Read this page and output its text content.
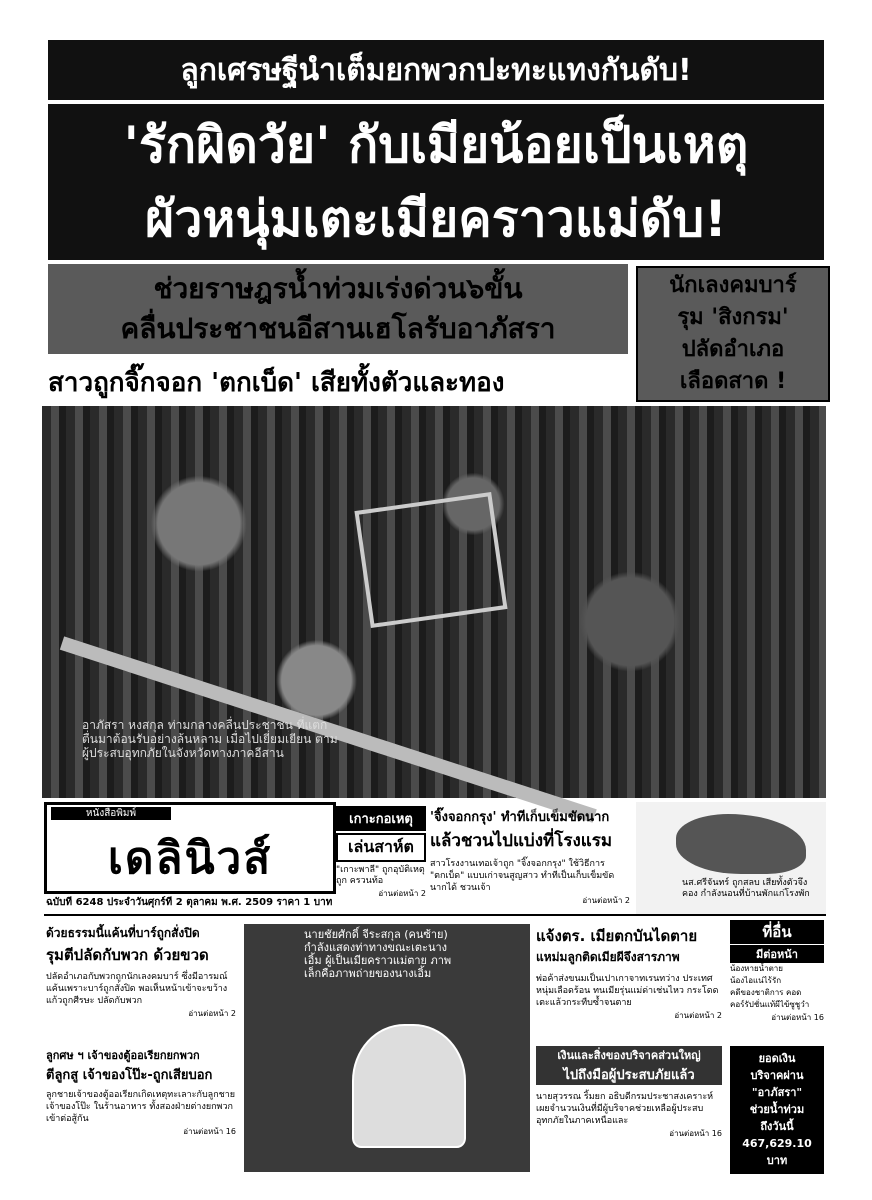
ลูกเศรษฐีนำเต็มยกพวกปะทะแทงกันดับ!
'รักผิดวัย' กับเมียน้อยเป็นเหตุ
ผัวหนุ่มเตะเมียคราวแม่ดับ!
ช่วยราษฎรน้ำท่วมเร่งด่วน๖ขั้น
คลื่นประชาชนอีสานเฮโลรับอาภัสรา
นักเลงคมบาร์
รุม 'สิงกรม'
ปลัดอำเภอ
เลือดสาด !
สาวถูกจิ๊กจอก 'ตกเบ็ด' เสียทั้งตัวและทอง
อาภัสรา หงสกุล ท่ามกลางคลื่นประชาชน ที่แตกตื่นมาต้อนรับอย่างล้นหลาม เมื่อไปเยี่ยมเยียน ตามผู้ประสบอุทกภัยในจังหวัดทางภาคอีสาน
หนังสือพิมพ์
เดลินิวส์
ฉบับที่ 6248 ประจำวันศุกร์ที่ 2 ตุลาคม พ.ศ. 2509 ราคา 1 บาท
เกาะกอเหตุ
เล่นสาห์ต
"เกาะพาลี" ถูกอุบัติเหตุถูก ครวนท้อ
อ่านต่อหน้า 2
'จิ๊งจอกกรุง' ทำทีเก็บเข็มขัดนาก
แล้วชวนไปแบ่งที่โรงแรม
สาวโรงงานเทอเจ้าถูก "จิ๊งจอกกรุง" ใช้วิธีการ "ตกเบ็ด" แบบเก่าจนสูญสาว ทำทีเป็นเก็บเข็มขัดนากได้ ชวนเจ้า
อ่านต่อหน้า 2
นส.ศรีจันทร์ ถูกสลบ เสียทั้งตัวจึงคอง กำลังนอนที่บ้านพักแก่โรงพัก
ด้วยธรรมนี้แค้นที่บาร์ถูกสั่งปิด
รุมตีปลัดกับพวก ด้วยขวด
ปลัดอำเภอกับพวกถูกนักเลงคมบาร์ ซึ่งมีอารมณ์แค้นเพราะบาร์ถูกสั่งปิด พอเห็นหน้าเข้าจะขว้างแก้วถูกศีรษะ ปลัดกับพวก
อ่านต่อหน้า 2
ลูกศษ ฯ เจ้าของตู้ออเรียกยกพวก
ตีลูกสู เจ้าของโป๊ะ-ถูกเสียบอก
ลูกชายเจ้าของตู้ออเรียกเกิดเหตุทะเลาะกับลูกชายเจ้าของโป๊ะ ในร้านอาหาร ทั้งสองฝ่ายต่างยกพวกเข้าต่อสู้กัน
อ่านต่อหน้า 16
นายชัยศักดิ์ จีระสกุล (คนซ้าย) กำลังแสดงท่าทางขณะเตะนางเอิ้ม ผู้เป็นเมียคราวแม่ตาย ภาพเล็กคือภาพถ่ายของนางเอิ้ม
แจ้งตร. เมียตกบันไดตาย
แหม่มลูกติดเมียผีจึงสารภาพ
พ่อค้าส่งขนมเป็นเปาเกาจาทเรนทว่าง ประเทศ หนุ่มเลือดร้อน ทนเมียรุ่นแม่ด่าเช่นไหว กระโดดเตะแล้วกระทืบซ้ำจนตาย
อ่านต่อหน้า 2
ที่อื่น
มีต่อหน้า
น้องหายน้ำตาย
น้องไอแน่ไร้รัก
คดีของชาติการ คอด
คอร์รัปชั่นแท้ผีไข้ซูชูวำ
อ่านต่อหน้า 16
เงินและสิ่งของบริจาคส่วนใหญ่
ไปถึงมือผู้ประสบภัยแล้ว
นายสุวรรณ ริ้มยก อธิบดีกรมประชาสงเคราะห์เผยจำนวนเงินที่มีผู้บริจาคช่วยเหลือผู้ประสบอุทกภัยในภาคเหนือและ
อ่านต่อหน้า 16
ยอดเงิน
บริจาคผ่าน
"อาภัสรา"
ช่วยน้ำท่วม
ถึงวันนี้
467,629.10
บาท
